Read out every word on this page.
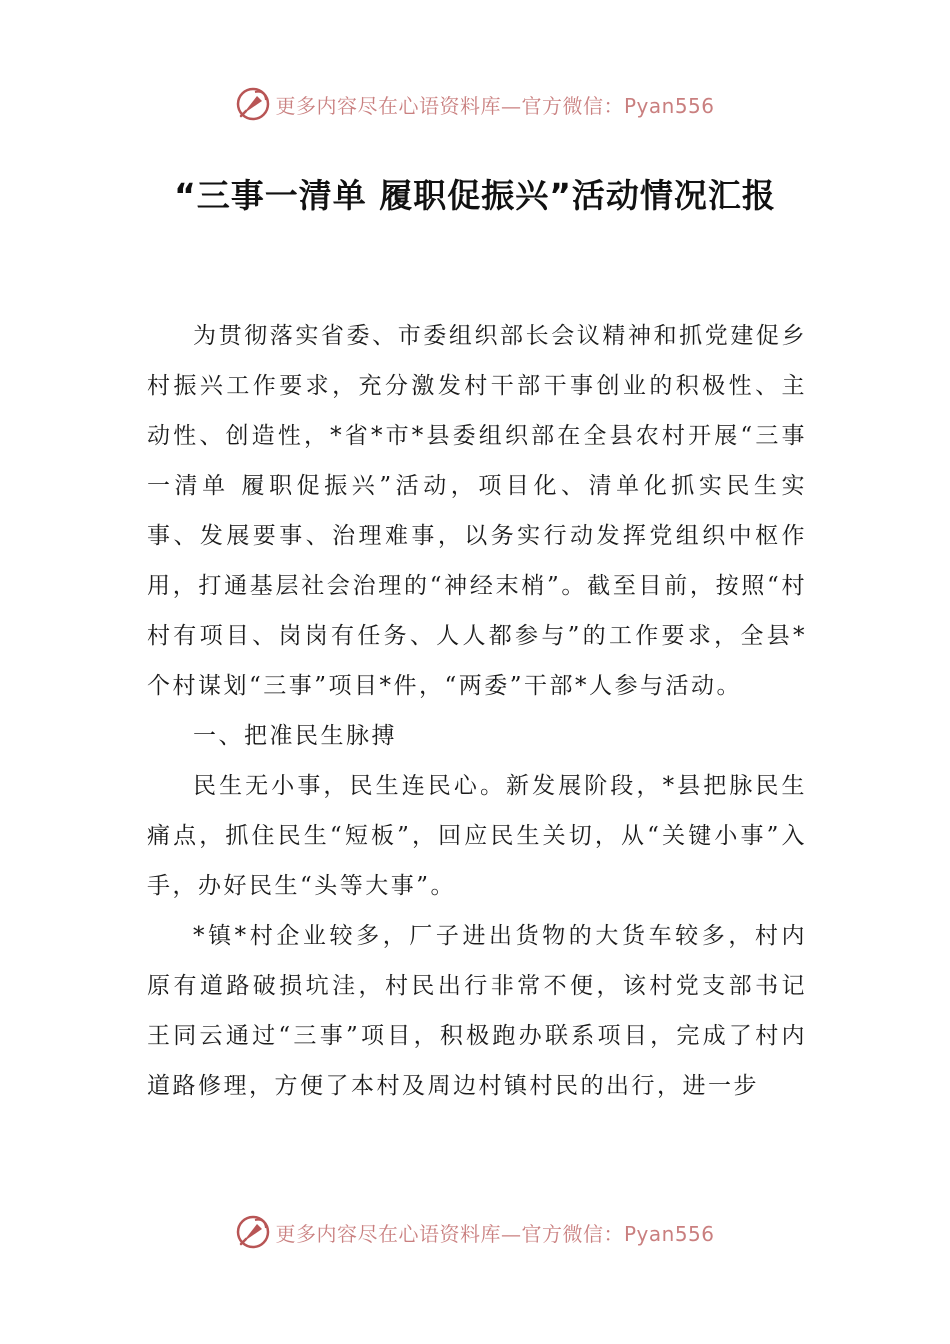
更多内容尽在心语资料库—官方微信：Pyan556
“三事一清单 履职促振兴”活动情况汇报

为贯彻落实省委、市委组织部长会议精神和抓党建促乡村振兴工作要求，充分激发村干部干事创业的积极性、主动性、创造性，*省*市*县委组织部在全县农村开展“三事一清单 履职促振兴”活动，项目化、清单化抓实民生实事、发展要事、治理难事，以务实行动发挥党组织中枢作用，打通基层社会治理的“神经末梢”。截至目前，按照“村村有项目、岗岗有任务、人人都参与”的工作要求，全县*个村谋划“三事”项目*件，“两委”干部*人参与活动。

一、把准民生脉搏

民生无小事，民生连民心。新发展阶段，*县把脉民生痛点，抓住民生“短板”，回应民生关切，从“关键小事”入手，办好民生“头等大事”。

*镇*村企业较多，厂子进出货物的大货车较多，村内原有道路破损坑洼，村民出行非常不便，该村党支部书记王同云通过“三事”项目，积极跑办联系项目，完成了村内道路修理，方便了本村及周边村镇村民的出行，进一步

更多内容尽在心语资料库—官方微信：Pyan556
